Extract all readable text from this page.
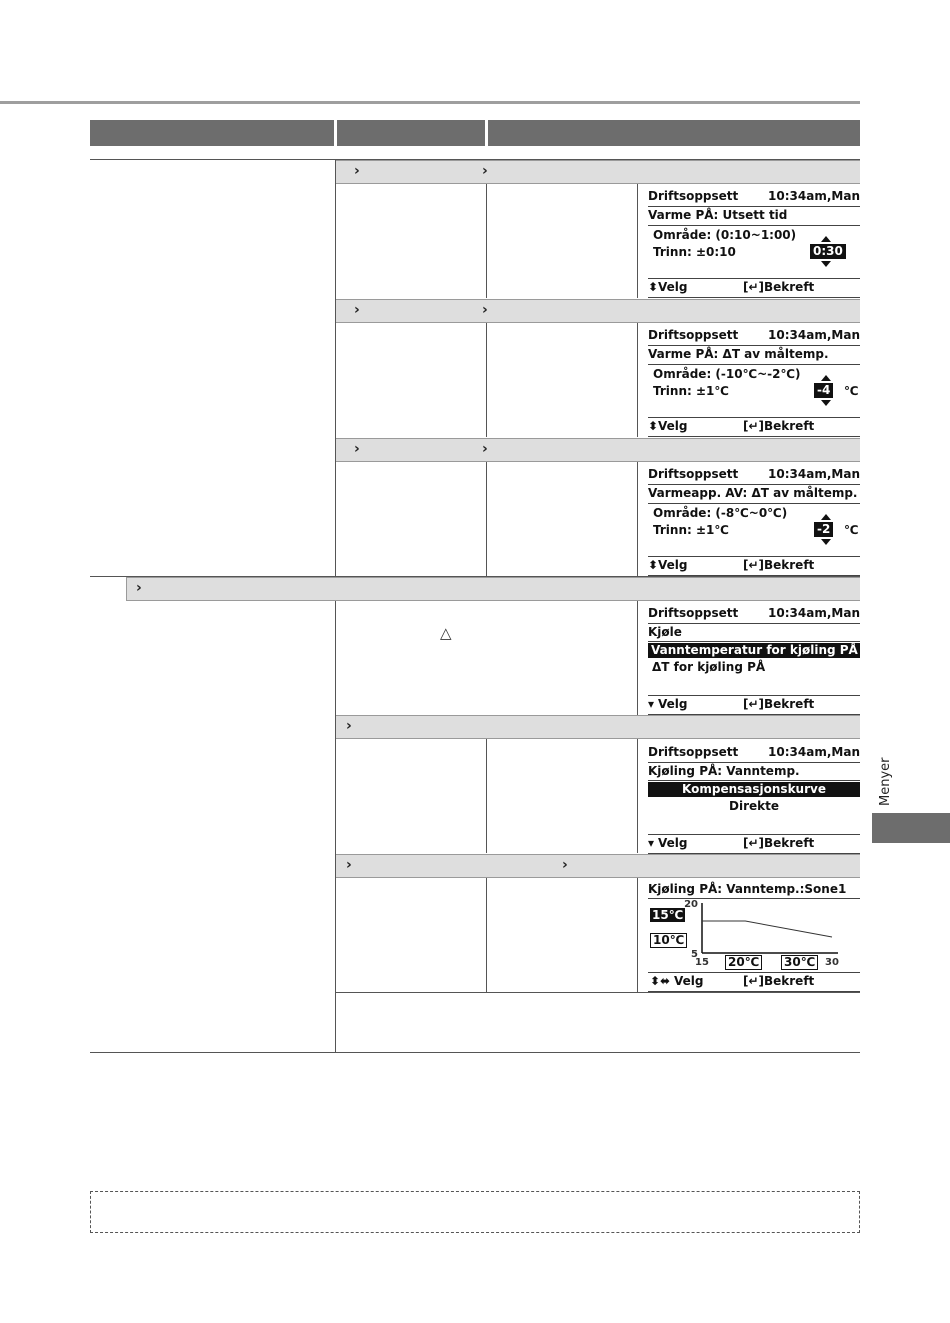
›	›
›	›
›	›
›
›
›	›
△
Driftsoppsett 10:34am,Man
Varme PÅ: Utsett tid
Område: (0:10~1:00)
Trinn: ±0:10	0:30
⬍ Velg	[↵] Bekreft
Driftsoppsett 10:34am,Man
Varme PÅ: ΔT av måltemp.
Område: (-10℃~-2℃)
Trinn: ±1℃	-4 ℃
⬍ Velg	[↵] Bekreft
Driftsoppsett 10:34am,Man
Varmeapp. AV: ΔT av måltemp.
Område: (-8℃~0℃)
Trinn: ±1℃	-2 ℃
⬍ Velg	[↵] Bekreft
Driftsoppsett 10:34am,Man
Kjøle
Vanntemperatur for kjøling PÅ
ΔT for kjøling PÅ
▾ Velg	[↵] Bekreft
Driftsoppsett 10:34am,Man
Kjøling PÅ: Vanntemp.
Kompensasjonskurve
Direkte
▾ Velg	[↵] Bekreft
Kjøling PÅ: Vanntemp.:Sone1
15℃
10℃
20
5
15	30
20℃ 30℃
⬍⬌ Velg	[↵] Bekreft
Menyer
